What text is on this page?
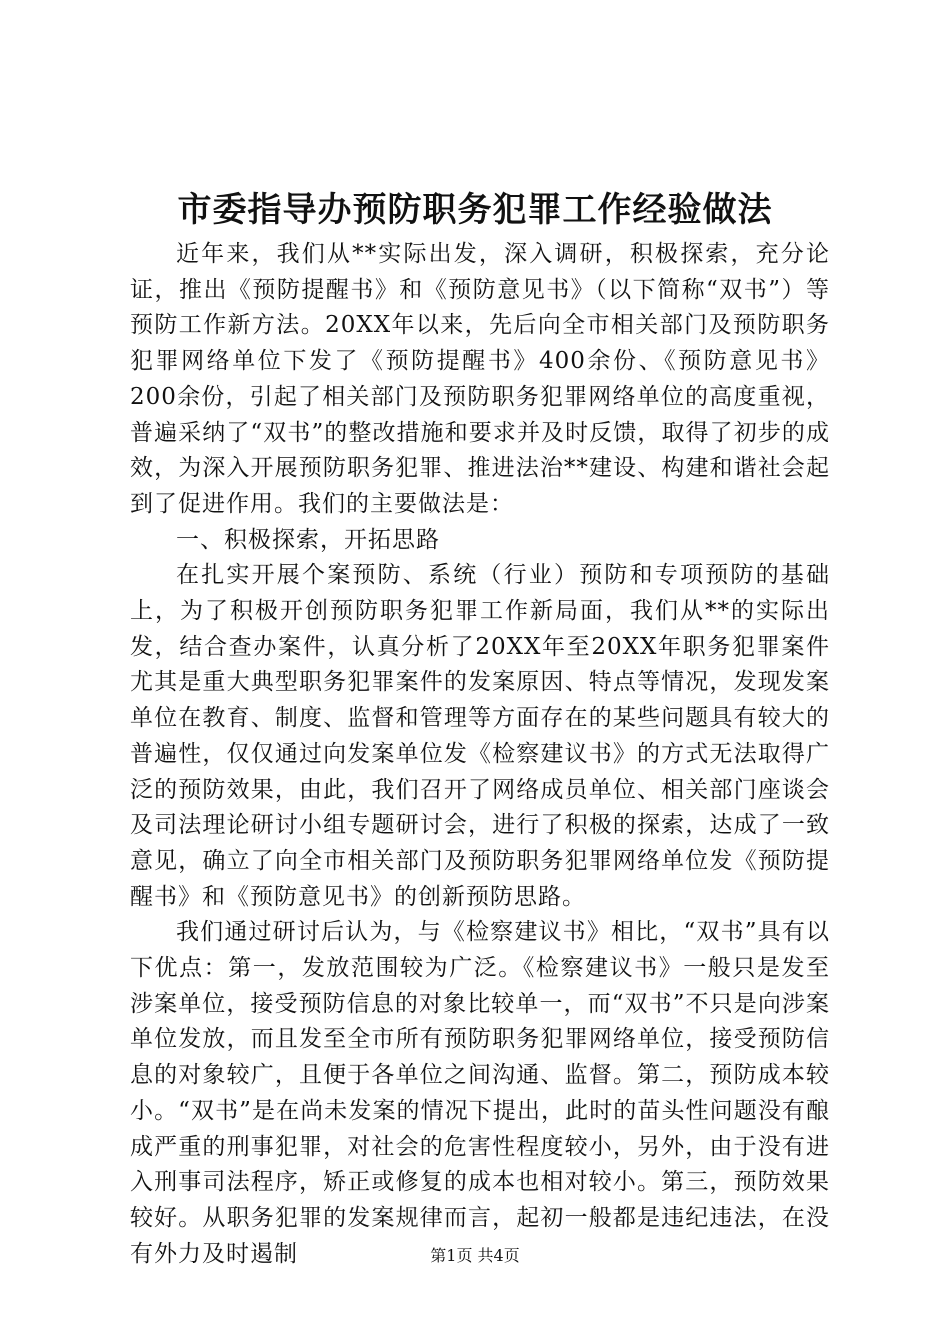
市委指导办预防职务犯罪工作经验做法

近年来，我们从**实际出发，深入调研，积极探索，充分论证，推出《预防提醒书》和《预防意见书》（以下简称“双书”）等预防工作新方法。20XX年以来，先后向全市相关部门及预防职务犯罪网络单位下发了《预防提醒书》400余份、《预防意见书》200余份，引起了相关部门及预防职务犯罪网络单位的高度重视，普遍采纳了“双书”的整改措施和要求并及时反馈，取得了初步的成效，为深入开展预防职务犯罪、推进法治**建设、构建和谐社会起到了促进作用。我们的主要做法是：

一、积极探索，开拓思路

在扎实开展个案预防、系统（行业）预防和专项预防的基础上，为了积极开创预防职务犯罪工作新局面，我们从**的实际出发，结合查办案件，认真分析了20XX年至20XX年职务犯罪案件尤其是重大典型职务犯罪案件的发案原因、特点等情况，发现发案单位在教育、制度、监督和管理等方面存在的某些问题具有较大的普遍性，仅仅通过向发案单位发《检察建议书》的方式无法取得广泛的预防效果，由此，我们召开了网络成员单位、相关部门座谈会及司法理论研讨小组专题研讨会，进行了积极的探索，达成了一致意见，确立了向全市相关部门及预防职务犯罪网络单位发《预防提醒书》和《预防意见书》的创新预防思路。

我们通过研讨后认为，与《检察建议书》相比，“双书”具有以下优点：第一，发放范围较为广泛。《检察建议书》一般只是发至涉案单位，接受预防信息的对象比较单一，而“双书”不只是向涉案单位发放，而且发至全市所有预防职务犯罪网络单位，接受预防信息的对象较广，且便于各单位之间沟通、监督。第二，预防成本较小。“双书”是在尚未发案的情况下提出，此时的苗头性问题没有酿成严重的刑事犯罪，对社会的危害性程度较小，另外，由于没有进入刑事司法程序，矫正或修复的成本也相对较小。第三，预防效果较好。从职务犯罪的发案规律而言，起初一般都是违纪违法，在没有外力及时遏制	第1页 共4页
